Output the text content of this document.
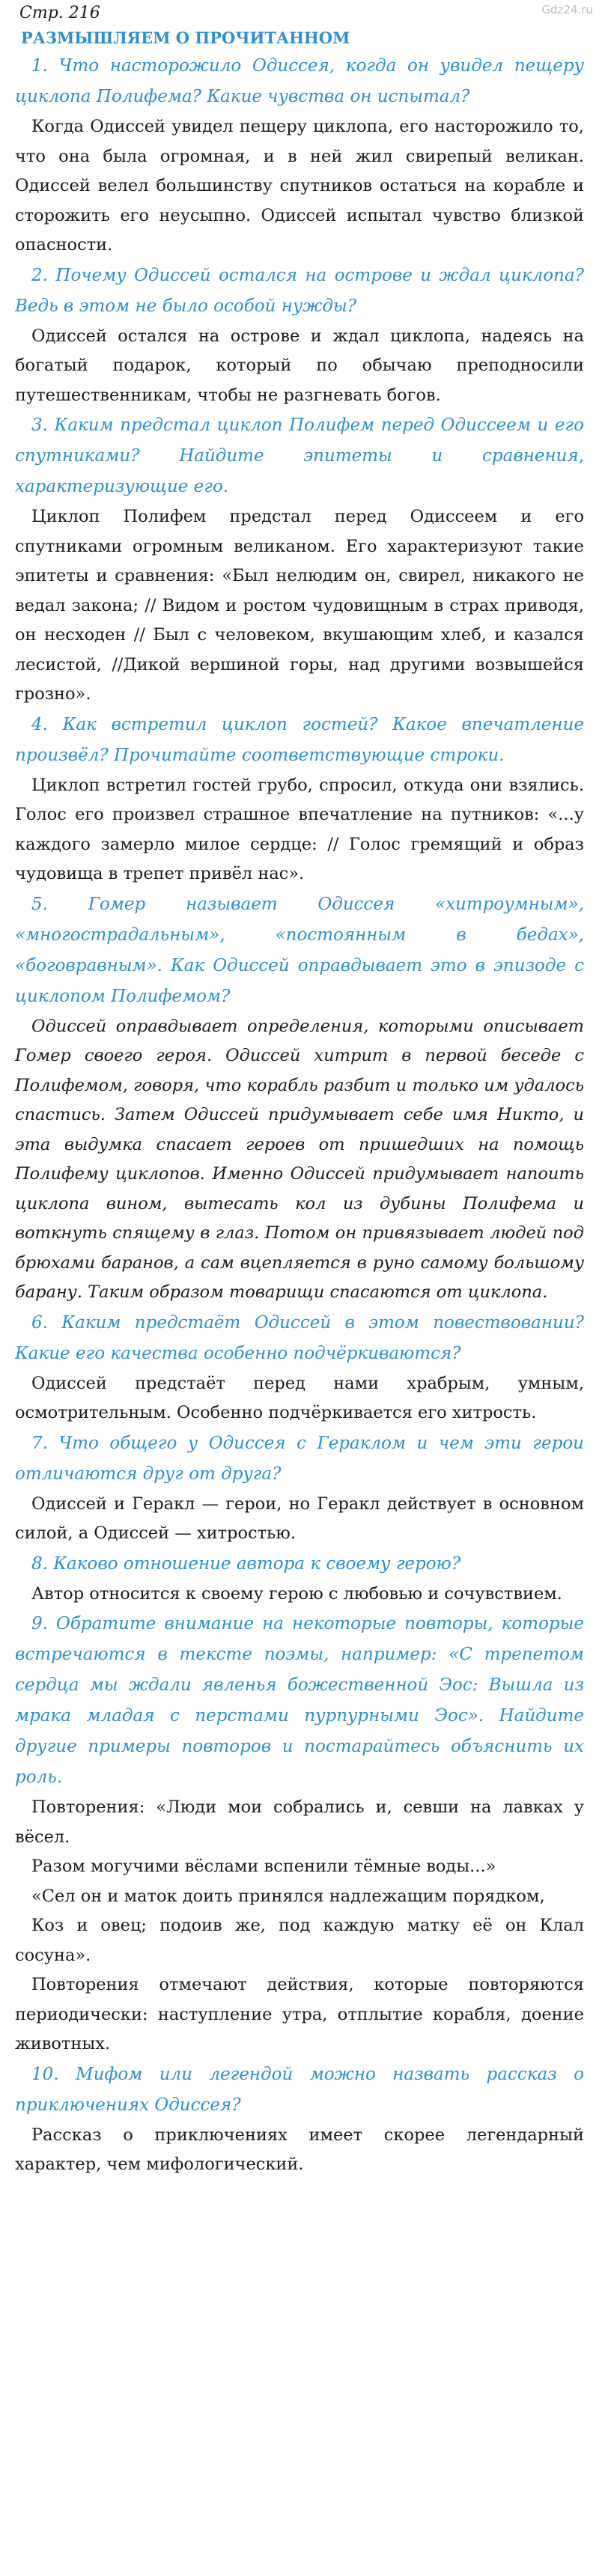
Gdz24.ru
Стр. 216
РАЗМЫШЛЯЕМ О ПРОЧИТАННОМ

1. Что насторожило Одиссея, когда он увидел пещеру циклопа Полифема? Какие чувства он испытал?

Когда Одиссей увидел пещеру циклопа, его насторожило то, что она была огромная, и в ней жил свирепый великан. Одиссей велел большинству спутников остаться на корабле и сторожить его неусыпно. Одиссей испытал чувство близкой опасности.

2. Почему Одиссей остался на острове и ждал циклопа? Ведь в этом не было особой нужды?

Одиссей остался на острове и ждал циклопа, надеясь на богатый подарок, который по обычаю преподносили путешественникам, чтобы не разгневать богов.

3. Каким предстал циклоп Полифем перед Одиссеем и его спутниками? Найдите эпитеты и сравнения, характеризующие его.

Циклоп Полифем предстал перед Одиссеем и его спутниками огромным великаном. Его характеризуют такие эпитеты и сравнения: «Был нелюдим он, свирел, никакого не ведал закона; // Видом и ростом чудовищным в страх приводя, он несходен // Был с человеком, вкушающим хлеб, и казался лесистой, //Дикой вершиной горы, над другими возвышейся грозно».

4. Как встретил циклоп гостей? Какое впечатление произвёл? Прочитайте соответствующие строки.

Циклоп встретил гостей грубо, спросил, откуда они взялись. Голос его произвел страшное впечатление на путников: «...у каждого замерло милое сердце: // Голос гремящий и образ чудовища в трепет привёл нас».

5. Гомер называет Одиссея «хитроумным», «многострадальным», «постоянным в бедах», «боговравным». Как Одиссей оправдывает это в эпизоде с циклопом Полифемом?

Одиссей оправдывает определения, которыми описывает Гомер своего героя. Одиссей хитрит в первой беседе с Полифемом, говоря, что корабль разбит и только им удалось спастись. Затем Одиссей придумывает себе имя Никто, и эта выдумка спасает героев от пришедших на помощь Полифему циклопов. Именно Одиссей придумывает напоить циклопа вином, вытесать кол из дубины Полифема и воткнуть спящему в глаз. Потом он привязывает людей под брюхами баранов, а сам вцепляется в руно самому большому барану. Таким образом товарищи спасаются от циклопа.

6. Каким предстаёт Одиссей в этом повествовании? Какие его качества особенно подчёркиваются?

Одиссей предстаёт перед нами храбрым, умным, осмотрительным. Особенно подчёркивается его хитрость.

7. Что общего у Одиссея с Гераклом и чем эти герои отличаются друг от друга?

Одиссей и Геракл — герои, но Геракл действует в основном силой, а Одиссей — хитростью.

8. Каково отношение автора к своему герою?

Автор относится к своему герою с любовью и сочувствием.

9. Обратите внимание на некоторые повторы, которые встречаются в тексте поэмы, например: «С трепетом сердца мы ждали явленья божественной Эос: Вышла из мрака младая с перстами пурпурными Эос». Найдите другие примеры повторов и постарайтесь объяснить их роль.

Повторения: «Люди мои собрались и, севши на лавках у вёсел.

Разом могучими вёслами вспенили тёмные воды...»

«Сел он и маток доить принялся надлежащим порядком,

Коз и овец; подоив же, под каждую матку её он Клал сосуна».

Повторения отмечают действия, которые повторяются периодически: наступление утра, отплытие корабля, доение животных.

10. Мифом или легендой можно назвать рассказ о приключениях Одиссея?

Рассказ о приключениях имеет скорее легендарный характер, чем мифологический.
